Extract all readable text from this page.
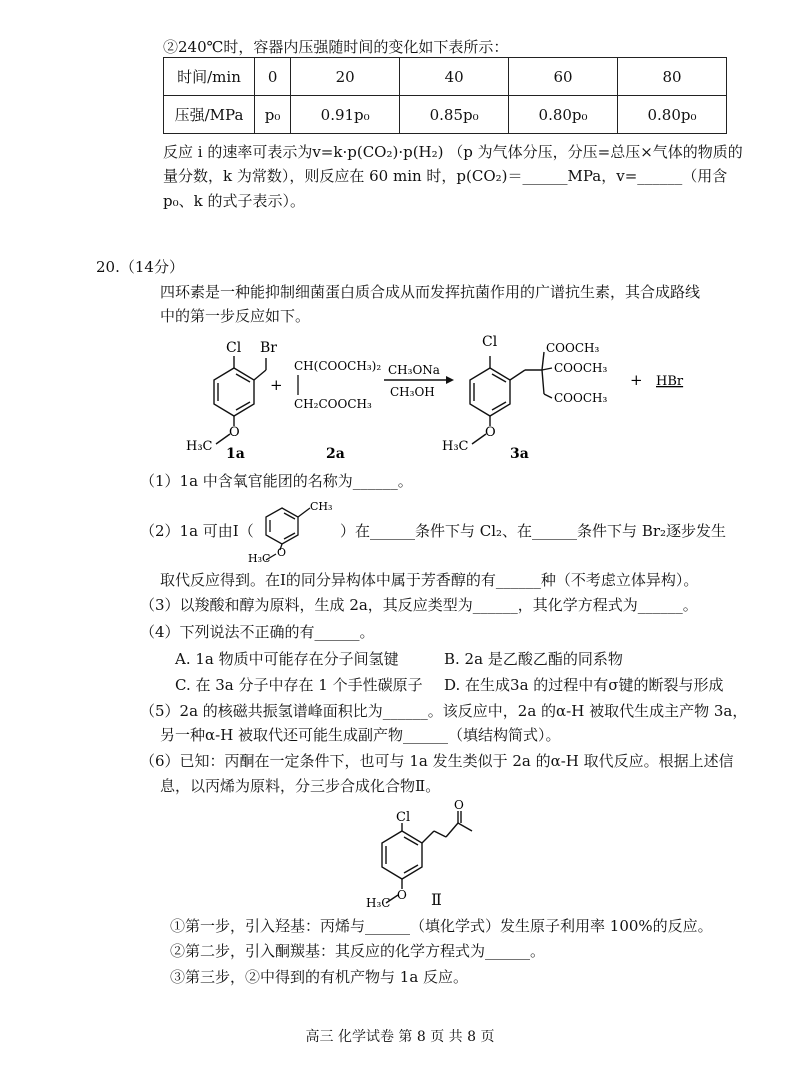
②240℃时，容器内压强随时间的变化如下表所示：
时间/min	0	20	40	60	80
压强/MPa	p₀	0.91p₀	0.85p₀	0.80p₀	0.80p₀
反应 i 的速率可表示为v=k·p(CO₂)·p(H₂) （p 为气体分压，分压=总压×气体的物质的
量分数，k 为常数），则反应在 60 min 时，p(CO₂)＝______MPa，v=______（用含
p₀、k 的式子表示）。
20.（14分）
四环素是一种能抑制细菌蛋白质合成从而发挥抗菌作用的广谱抗生素，其合成路线
中的第一步反应如下。
Cl Br
O
H₃C 1a
+
CH(COOCH₃)₂
CH₂COOCH₃
2a
CH₃ONa
CH₃OH
Cl	COOCH₃
COOCH₃
COOCH₃
O
H₃C	3a
+ HBr
（1）1a 中含氧官能团的名称为______。
（2）1a 可由Ⅰ（
CH₃
O
H₃C
）在______条件下与 Cl₂、在______条件下与 Br₂逐步发生
取代反应得到。在Ⅰ的同分异构体中属于芳香醇的有______种（不考虑立体异构）。
（3）以羧酸和醇为原料，生成 2a，其反应类型为______，其化学方程式为______。
（4）下列说法不正确的有______。
A. 1a 物质中可能存在分子间氢键	B. 2a 是乙酸乙酯的同系物
C. 在 3a 分子中存在 1 个手性碳原子 D. 在生成3a 的过程中有σ键的断裂与形成
（5）2a 的核磁共振氢谱峰面积比为______。该反应中，2a 的α-H 被取代生成主产物 3a，
另一种α-H 被取代还可能生成副产物______（填结构简式）。
（6）已知：丙酮在一定条件下，也可与 1a 发生类似于 2a 的α-H 取代反应。根据上述信
息，以丙烯为原料，分三步合成化合物Ⅱ。
O
Cl
O
H₃C	Ⅱ
①第一步，引入羟基：丙烯与______（填化学式）发生原子利用率 100%的反应。
②第二步，引入酮羰基：其反应的化学方程式为______。
③第三步，②中得到的有机产物与 1a 反应。
高三 化学试卷 第 8 页 共 8 页
